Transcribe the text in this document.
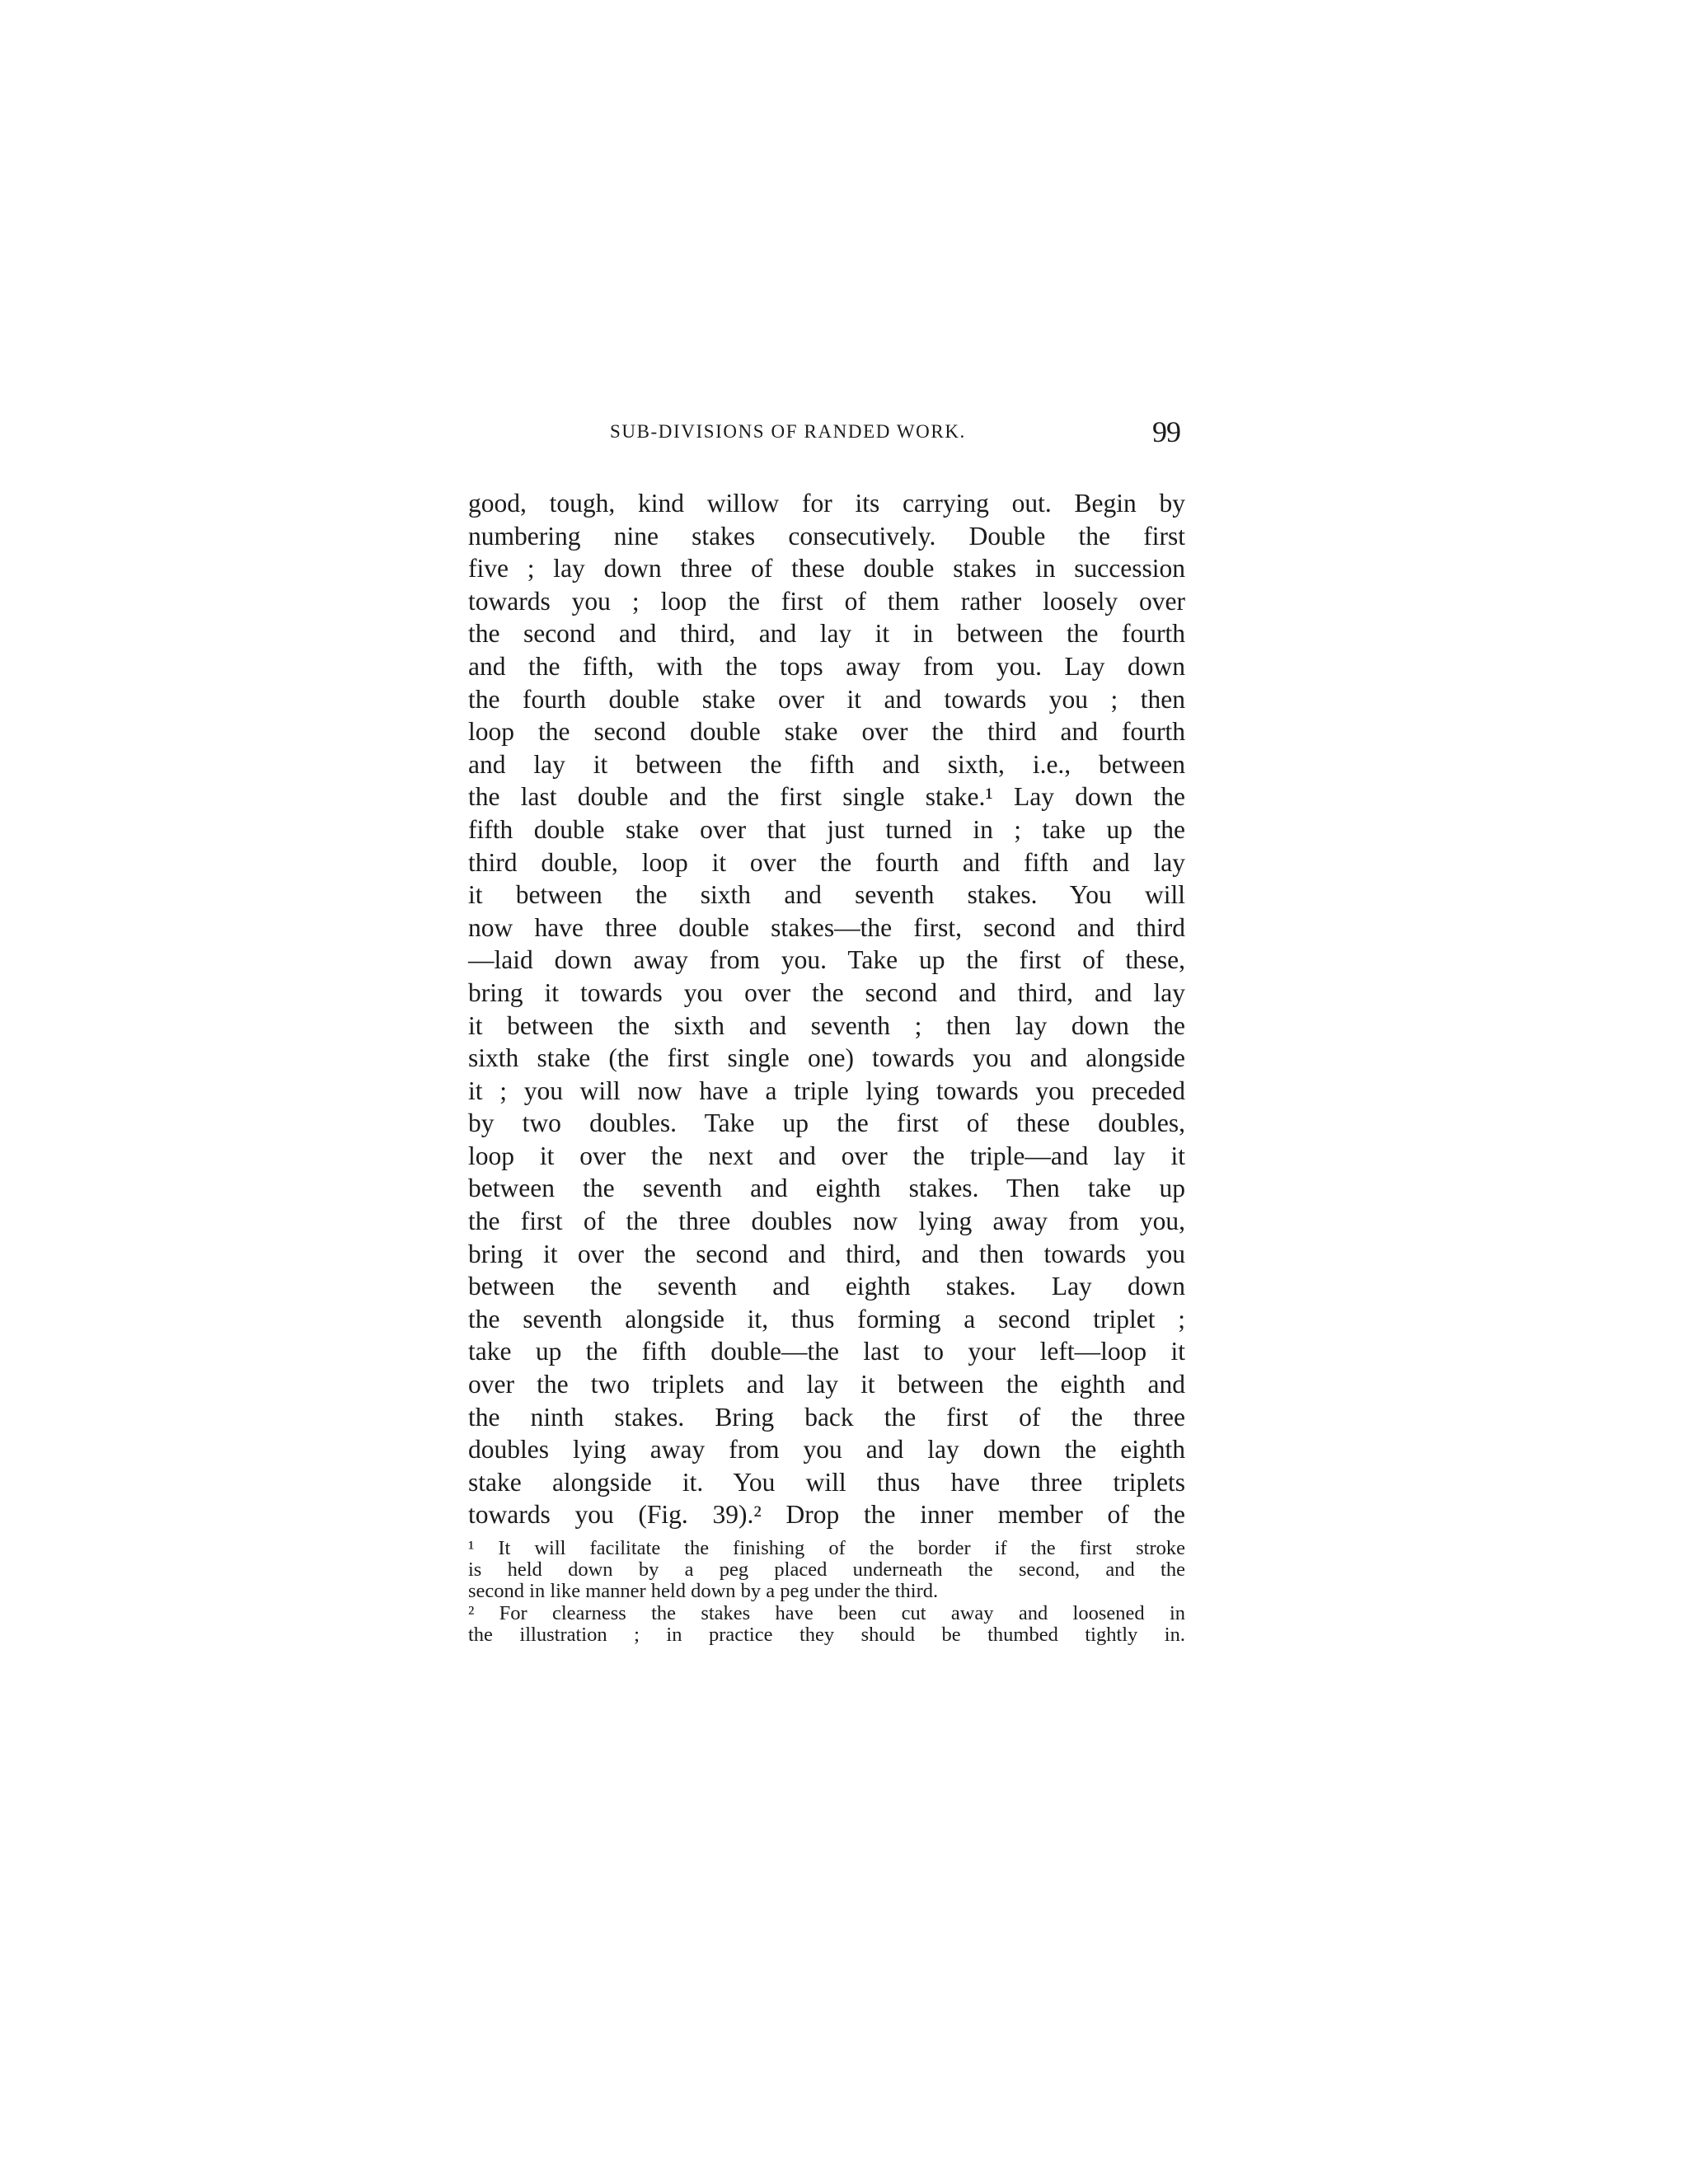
SUB-DIVISIONS OF RANDED WORK.	99
good, tough, kind willow for its carrying out. Begin by
numbering nine stakes consecutively. Double the first
five ; lay down three of these double stakes in succession
towards you ; loop the first of them rather loosely over
the second and third, and lay it in between the fourth
and the fifth, with the tops away from you. Lay down
the fourth double stake over it and towards you ; then
loop the second double stake over the third and fourth
and lay it between the fifth and sixth, i.e., between
the last double and the first single stake.¹ Lay down the
fifth double stake over that just turned in ; take up the
third double, loop it over the fourth and fifth and lay
it between the sixth and seventh stakes. You will
now have three double stakes—the first, second and third
—laid down away from you. Take up the first of these,
bring it towards you over the second and third, and lay
it between the sixth and seventh ; then lay down the
sixth stake (the first single one) towards you and alongside
it ; you will now have a triple lying towards you preceded
by two doubles. Take up the first of these doubles,
loop it over the next and over the triple—and lay it
between the seventh and eighth stakes. Then take up
the first of the three doubles now lying away from you,
bring it over the second and third, and then towards you
between the seventh and eighth stakes. Lay down
the seventh alongside it, thus forming a second triplet ;
take up the fifth double—the last to your left—loop it
over the two triplets and lay it between the eighth and
the ninth stakes. Bring back the first of the three
doubles lying away from you and lay down the eighth
stake alongside it. You will thus have three triplets
towards you (Fig. 39).² Drop the inner member of the
¹ It will facilitate the finishing of the border if the first stroke
is held down by a peg placed underneath the second, and the
second in like manner held down by a peg under the third.
² For clearness the stakes have been cut away and loosened in
the illustration ; in practice they should be thumbed tightly in.
